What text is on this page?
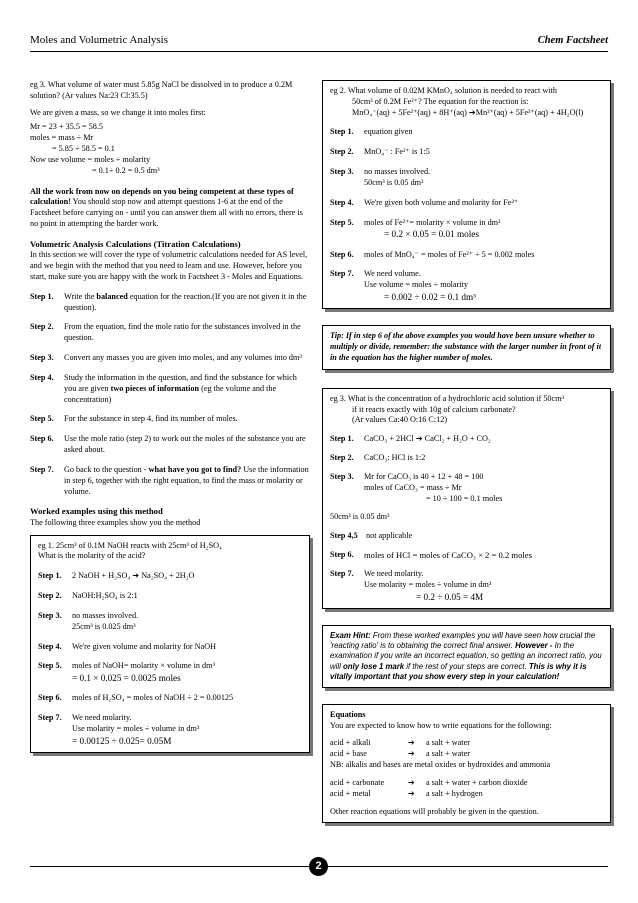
Moles and Volumetric Analysis	Chem Factsheet

eg 3. What volume of water must 5.85g NaCl be dissolved in to produce a 0.2M solution? (Ar values Na:23 Cl:35.5)

We are given a mass, so we change it into moles first:

Mr = 23 + 35.5 = 58.5
moles = mass ÷ Mr
= 5.85 ÷ 58.5 = 0.1
Now use volume = moles ÷ molarity
= 0.1÷ 0.2 = 0.5 dm³

All the work from now on depends on you being competent at these types of calculation! You should stop now and attempt questions 1-6 at the end of the Factsheet before carrying on - until you can answer them all with no errors, there is no point in attempting the harder work.

Volumetric Analysis Calculations (Titration Calculations)

In this section we will cover the type of volumetric calculations needed for AS level, and we begin with the method that you need to learn and use. However, before you start, make sure you are happy with the work in Factsheet 3 - Moles and Equations.

Step 1.	Write the balanced equation for the reaction.(If you are not given it in the question).
Step 2.	From the equation, find the mole ratio for the substances involved in the question.
Step 3.	Convert any masses you are given into moles, and any volumes into dm³
Step 4.	Study the information in the question, and find the substance for which you are given two pieces of information (eg the volume and the concentration)
Step 5.	For the substance in step 4, find its number of moles.
Step 6.	Use the mole ratio (step 2) to work out the moles of the substance you are asked about.
Step 7.	Go back to the question - what have you got to find? Use the information in step 6, together with the right equation, to find the mass or molarity or volume.
Worked examples using this method

The following three examples show you the method

eg 1. 25cm³ of 0.1M NaOH reacts with 25cm³ of H₂SO₄
What is the molarity of the acid?
Step 1.	2 NaOH + H₂SO₄ ➔ Na₂SO₄ + 2H₂O
Step 2.	NaOH:H₂SO₄ is 2:1
Step 3.	no masses involved.
25cm³ is 0.025 dm³
Step 4.	We're given volume and molarity for NaOH
Step 5.	moles of NaOH= molarity × volume in dm³
= 0.1 × 0.025 = 0.0025 moles
Step 6.	moles of H₂SO₄ = moles of NaOH ÷ 2 = 0.00125
Step 7.	We need molarity.
Use molarity = moles ÷ volume in dm³
= 0.00125 ÷ 0.025= 0.05M
eg 2. What volume of 0.02M KMnO₄ solution is needed to react with
50cm³ of 0.2M Fe²⁺? The equation for the reaction is:
MnO₄⁻(aq) + 5Fe²⁺(aq) + 8H⁺(aq) ➔Mn²⁺(aq) + 5Fe³⁺(aq) + 4H₂O(l)
Step 1.	equation given
Step 2.	MnO₄⁻ : Fe²⁺ is 1:5
Step 3.	no masses involved.
50cm³ is 0.05 dm³
Step 4.	We're given both volume and molarity for Fe²⁺
Step 5.	moles of Fe²⁺= molarity × volume in dm³
= 0.2 × 0.05 = 0.01 moles
Step 6.	moles of MnO₄⁻ = moles of Fe²⁺ ÷ 5 = 0.002 moles
Step 7.	We need volume.
Use volume = moles ÷ molarity
= 0.002 ÷ 0.02 = 0.1 dm³
Tip: If in step 6 of the above examples you would have been unsure whether to multiply or divide, remember: the substance with the larger number in front of it in the equation has the higher number of moles.
eg 3. What is the concentration of a hydrochloric acid solution if 50cm³
if it reacts exactly with 10g of calcium carbonate?
(Ar values Ca:40 O:16 C:12)
Step 1.	CaCO₃ + 2HCl ➔ CaCl₂ + H₂O + CO₂
Step 2.	CaCO₃: HCl is 1:2
Step 3.	Mr for CaCO₃ is 40 + 12 + 48 = 100
moles of CaCO₃ = mass ÷ Mr
= 10 ÷ 100 = 0.1 moles
50cm³ is 0.05 dm³
Step 4,5	not applicable
Step 6.	moles of HCl = moles of CaCO₃ × 2 = 0.2 moles
Step 7.	We need molarity.
Use molarity = moles ÷ volume in dm³
= 0.2 ÷ 0.05 = 4M
Exam Hint: From these worked examples you will have seen how crucial the 'reacting ratio' is to obtaining the correct final answer. However - In the examination if you write an incorrect equation, so getting an incorrect ratio, you will only lose 1 mark if the rest of your steps are correct. This is why it is vitally important that you show every step in your calculation!
Equations
You are expected to know how to write equations for the following:
acid + alkali	➔	a salt + water
acid + base	➔	a salt + water
NB: alkalis and bases are metal oxides or hydroxides and ammonia
acid + carbonate	➔	a salt + water + carbon dioxide
acid + metal	➔	a salt + hydrogen
Other reaction equations will probably be given in the question.
2
